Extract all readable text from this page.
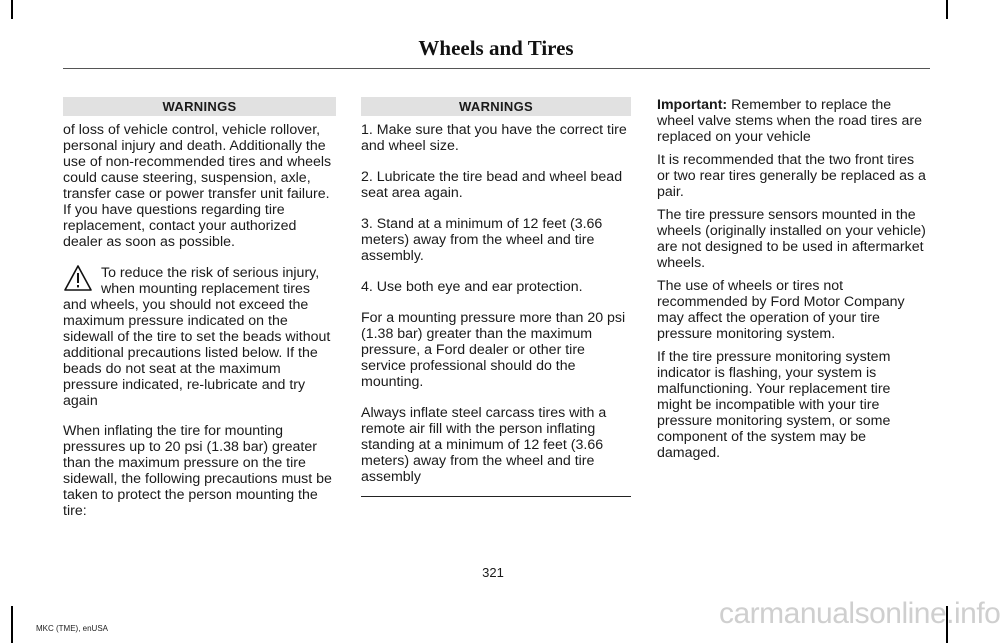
Wheels and Tires
WARNINGS

of loss of vehicle control, vehicle rollover, personal injury and death. Additionally the use of non-recommended tires and wheels could cause steering, suspension, axle, transfer case or power transfer unit failure. If you have questions regarding tire replacement, contact your authorized dealer as soon as possible.

To reduce the risk of serious injury,
when mounting replacement tires
and wheels, you should not exceed the maximum pressure indicated on the sidewall of the tire to set the beads without additional precautions listed below. If the beads do not seat at the maximum pressure indicated, re-lubricate and try again

When inflating the tire for mounting pressures up to 20 psi (1.38 bar) greater than the maximum pressure on the tire sidewall, the following precautions must be taken to protect the person mounting the tire:

WARNINGS

1. Make sure that you have the correct tire and wheel size.

2. Lubricate the tire bead and wheel bead seat area again.

3. Stand at a minimum of 12 feet (3.66 meters) away from the wheel and tire assembly.

4. Use both eye and ear protection.

For a mounting pressure more than 20 psi (1.38 bar) greater than the maximum pressure, a Ford dealer or other tire service professional should do the mounting.

Always inflate steel carcass tires with a remote air fill with the person inflating standing at a minimum of 12 feet (3.66 meters) away from the wheel and tire assembly

Important: Remember to replace the wheel valve stems when the road tires are replaced on your vehicle

It is recommended that the two front tires or two rear tires generally be replaced as a pair.

The tire pressure sensors mounted in the wheels (originally installed on your vehicle) are not designed to be used in aftermarket wheels.

The use of wheels or tires not recommended by Ford Motor Company may affect the operation of your tire pressure monitoring system.

If the tire pressure monitoring system indicator is flashing, your system is malfunctioning. Your replacement tire might be incompatible with your tire pressure monitoring system, or some component of the system may be damaged.

321
MKC (TME), enUSA	carmanualsonline.info
